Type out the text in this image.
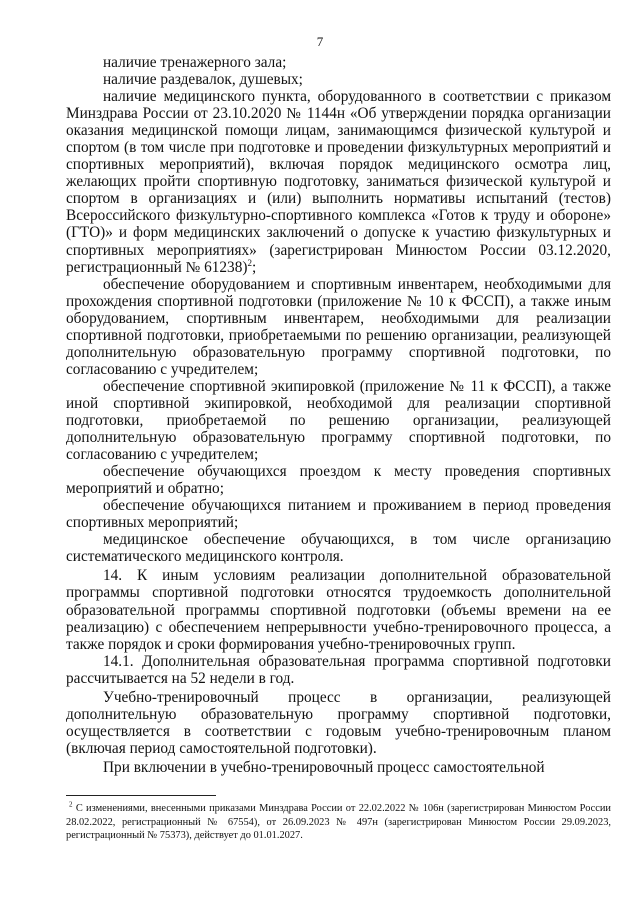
7

наличие тренажерного зала;

наличие раздевалок, душевых;

наличие медицинского пункта, оборудованного в соответствии с приказом Минздрава России от 23.10.2020 № 1144н «Об утверждении порядка организации оказания медицинской помощи лицам, занимающимся физической культурой и спортом (в том числе при подготовке и проведении физкультурных мероприятий и спортивных мероприятий), включая порядок медицинского осмотра лиц, желающих пройти спортивную подготовку, заниматься физической культурой и спортом в организациях и (или) выполнить нормативы испытаний (тестов) Всероссийского физкультурно-спортивного комплекса «Готов к труду и обороне» (ГТО)» и форм медицинских заключений о допуске к участию физкультурных и спортивных мероприятиях» (зарегистрирован Минюстом России 03.12.2020, регистрационный № 61238)$^2$;

обеспечение оборудованием и спортивным инвентарем, необходимыми для прохождения спортивной подготовки (приложение № 10 к ФССП), а также иным оборудованием, спортивным инвентарем, необходимыми для реализации спортивной подготовки, приобретаемыми по решению организации, реализующей дополнительную образовательную программу спортивной подготовки, по согласованию с учредителем;

обеспечение спортивной экипировкой (приложение № 11 к ФССП), а также иной спортивной экипировкой, необходимой для реализации спортивной подготовки, приобретаемой по решению организации, реализующей дополнительную образовательную программу спортивной подготовки, по согласованию с учредителем;

обеспечение обучающихся проездом к месту проведения спортивных мероприятий и обратно;

обеспечение обучающихся питанием и проживанием в период проведения спортивных мероприятий;

медицинское обеспечение обучающихся, в том числе организацию систематического медицинского контроля.

14. К иным условиям реализации дополнительной образовательной программы спортивной подготовки относятся трудоемкость дополнительной образовательной программы спортивной подготовки (объемы времени на ее реализацию) с обеспечением непрерывности учебно-тренировочного процесса, а также порядок и сроки формирования учебно-тренировочных групп.

14.1. Дополнительная образовательная программа спортивной подготовки рассчитывается на 52 недели в год.

Учебно-тренировочный процесс в организации, реализующей дополнительную образовательную программу спортивной подготовки, осуществляется в соответствии с годовым учебно-тренировочным планом (включая период самостоятельной подготовки).

При включении в учебно-тренировочный процесс самостоятельной

$^2$ С изменениями, внесенными приказами Минздрава России от 22.02.2022 № 106н (зарегистрирован Минюстом России 28.02.2022, регистрационный № 67554), от 26.09.2023 № 497н (зарегистрирован Минюстом России 29.09.2023, регистрационный № 75373), действует до 01.01.2027.
